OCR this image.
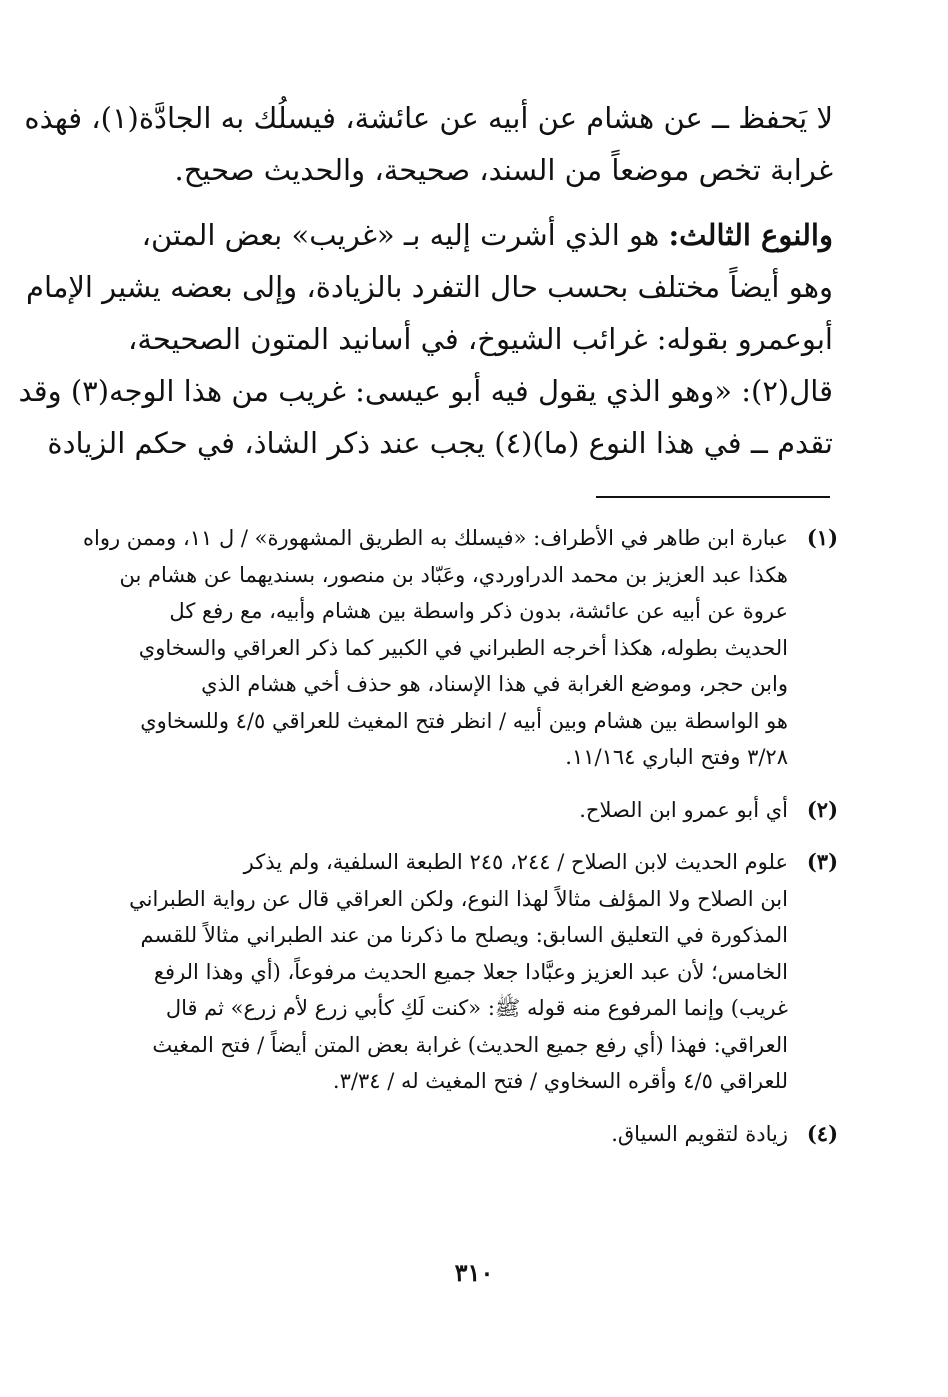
لا يَحفظ ــ عن هشام عن أبيه عن عائشة، فيسلُك به الجادَّة(١)، فهذه
غرابة تخص موضعاً من السند، صحيحة، والحديث صحيح.
والنوع الثالث: هو الذي أشرت إليه بـ «غريب» بعض المتن،
وهو أيضاً مختلف بحسب حال التفرد بالزيادة، وإلى بعضه يشير الإمام
أبوعمرو بقوله: غرائب الشيوخ، في أسانيد المتون الصحيحة،
قال(٢): «وهو الذي يقول فيه أبو عيسى: غريب من هذا الوجه(٣) وقد
تقدم ــ في هذا النوع (ما)(٤) يجب عند ذكر الشاذ، في حكم الزيادة
(١)
عبارة ابن طاهر في الأطراف: «فيسلك به الطريق المشهورة» / ل ١١، وممن رواه
هكذا عبد العزيز بن محمد الدراوردي، وعَبّاد بن منصور، بسنديهما عن هشام بن
عروة عن أبيه عن عائشة، بدون ذكر واسطة بين هشام وأبيه، مع رفع كل
الحديث بطوله، هكذا أخرجه الطبراني في الكبير كما ذكر العراقي والسخاوي
وابن حجر، وموضع الغرابة في هذا الإسناد، هو حذف أخي هشام الذي
هو الواسطة بين هشام وبين أبيه / انظر فتح المغيث للعراقي ٤/٥ وللسخاوي
٣/٢٨ وفتح الباري ١١/١٦٤.
(٢)
أي أبو عمرو ابن الصلاح.
(٣)
علوم الحديث لابن الصلاح / ٢٤٤، ٢٤٥ الطبعة السلفية، ولم يذكر
ابن الصلاح ولا المؤلف مثالاً لهذا النوع، ولكن العراقي قال عن رواية الطبراني
المذكورة في التعليق السابق: ويصلح ما ذكرنا من عند الطبراني مثالاً للقسم
الخامس؛ لأن عبد العزيز وعبَّادا جعلا جميع الحديث مرفوعاً، (أي وهذا الرفع
غريب) وإنما المرفوع منه قوله ﷺ: «كنت لَكِ كأبي زرع لأم زرع» ثم قال
العراقي: فهذا (أي رفع جميع الحديث) غرابة بعض المتن أيضاً / فتح المغيث
للعراقي ٤/٥ وأقره السخاوي / فتح المغيث له / ٣/٣٤.
(٤)
زيادة لتقويم السياق.
٣١٠
